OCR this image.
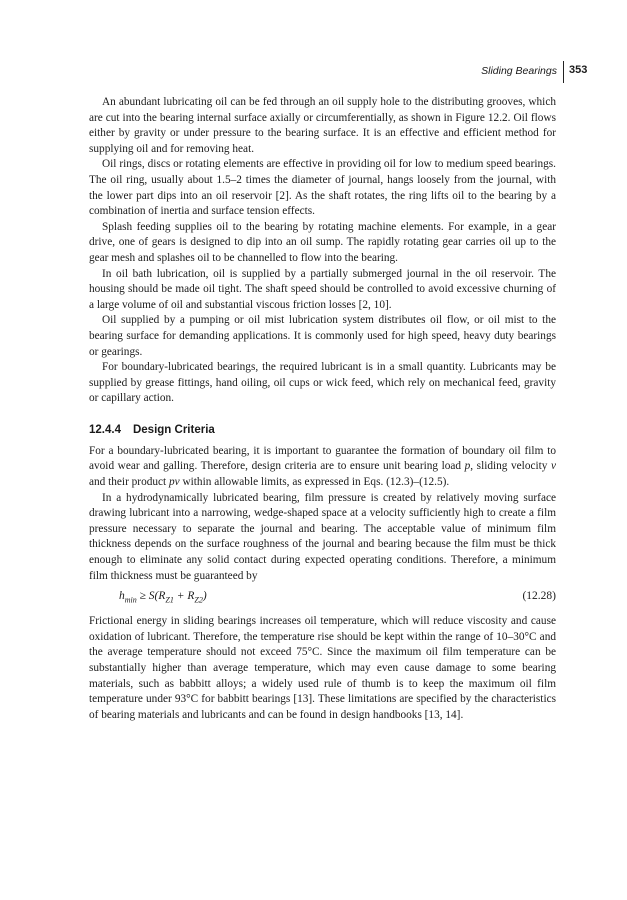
Sliding Bearings 353

An abundant lubricating oil can be fed through an oil supply hole to the distributing grooves, which are cut into the bearing internal surface axially or circumferentially, as shown in Figure 12.2. Oil flows either by gravity or under pressure to the bearing surface. It is an effective and efficient method for supplying oil and for removing heat.

Oil rings, discs or rotating elements are effective in providing oil for low to medium speed bearings. The oil ring, usually about 1.5–2 times the diameter of journal, hangs loosely from the journal, with the lower part dips into an oil reservoir [2]. As the shaft rotates, the ring lifts oil to the bearing by a combination of inertia and surface tension effects.

Splash feeding supplies oil to the bearing by rotating machine elements. For example, in a gear drive, one of gears is designed to dip into an oil sump. The rapidly rotating gear carries oil up to the gear mesh and splashes oil to be channelled to flow into the bearing.

In oil bath lubrication, oil is supplied by a partially submerged journal in the oil reservoir. The housing should be made oil tight. The shaft speed should be controlled to avoid excessive churning of a large volume of oil and substantial viscous friction losses [2, 10].

Oil supplied by a pumping or oil mist lubrication system distributes oil flow, or oil mist to the bearing surface for demanding applications. It is commonly used for high speed, heavy duty bearings or gearings.

For boundary-lubricated bearings, the required lubricant is in a small quantity. Lubricants may be supplied by grease fittings, hand oiling, oil cups or wick feed, which rely on mechanical feed, gravity or capillary action.

12.4.4 Design Criteria

For a boundary-lubricated bearing, it is important to guarantee the formation of boundary oil film to avoid wear and galling. Therefore, design criteria are to ensure unit bearing load p, sliding velocity v and their product pv within allowable limits, as expressed in Eqs. (12.3)–(12.5).

In a hydrodynamically lubricated bearing, film pressure is created by relatively moving surface drawing lubricant into a narrowing, wedge-shaped space at a velocity sufficiently high to create a film pressure necessary to separate the journal and bearing. The acceptable value of minimum film thickness depends on the surface roughness of the journal and bearing because the film must be thick enough to eliminate any solid contact during expected operating conditions. Therefore, a minimum film thickness must be guaranteed by

$h_{min} \ge S(R_{Z1} + R_{Z2})$	(12.28)

Frictional energy in sliding bearings increases oil temperature, which will reduce viscosity and cause oxidation of lubricant. Therefore, the temperature rise should be kept within the range of 10–30°C and the average temperature should not exceed 75°C. Since the maximum oil film temperature can be substantially higher than average temperature, which may even cause damage to some bearing materials, such as babbitt alloys; a widely used rule of thumb is to keep the maximum oil film temperature under 93°C for babbitt bearings [13]. These limitations are specified by the characteristics of bearing materials and lubricants and can be found in design handbooks [13, 14].
